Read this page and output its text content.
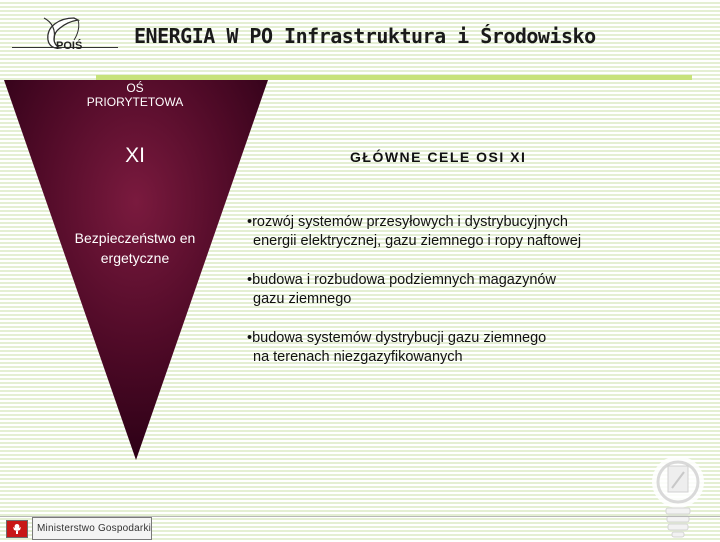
POIŚ	ENERGIA W PO Infrastruktura i Środowisko
OŚ
PRIORYTETOWA
XI
Bezpieczeństwo energetyczne
GŁÓWNE CELE OSI XI
•rozwój systemów przesyłowych i dystrybucyjnych
energii elektrycznej, gazu ziemnego i ropy naftowej
•budowa i rozbudowa podziemnych magazynów
gazu ziemnego
•budowa systemów dystrybucji gazu ziemnego
na terenach niezgazyfikowanych
Ministerstwo Gospodarki
